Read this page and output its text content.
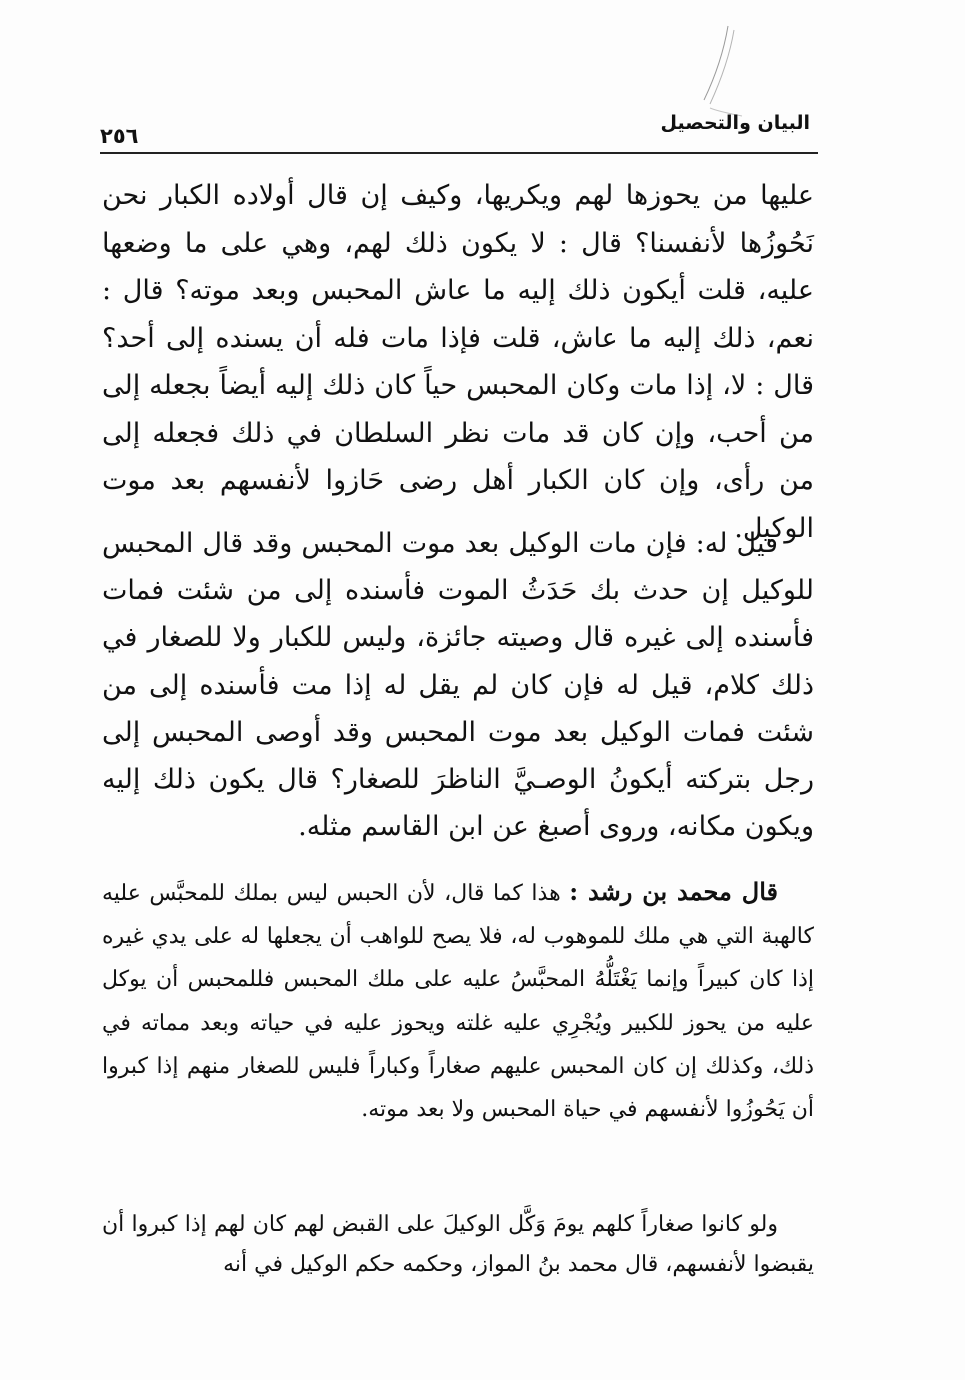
٢٥٦
البيان والتحصيل

عليها من يحوزها لهم ويكريها، وكيف إن قال أولاده الكبار نحن نَحُوزُها لأنفسنا؟ قال : لا يكون ذلك لهم، وهي على ما وضعها عليه، قلت أيكون ذلك إليه ما عاش المحبس وبعد موته؟ قال : نعم، ذلك إليه ما عاش، قلت فإذا مات فله أن يسنده إلى أحد؟ قال : لا، إذا مات وكان المحبس حياً كان ذلك إليه أيضاً بجعله إلى من أحب، وإن كان قد مات نظر السلطان في ذلك فجعله إلى من رأى، وإن كان الكبار أهل رضى حَازوا لأنفسهم بعد موت الوكيل.

قيل له: فإن مات الوكيل بعد موت المحبس وقد قال المحبس للوكيل إن حدث بك حَدَثُ الموت فأسنده إلى من شئت فمات فأسنده إلى غيره قال وصيته جائزة، وليس للكبار ولا للصغار في ذلك كلام، قيل له فإن كان لم يقل له إذا مت فأسنده إلى من شئت فمات الوكيل بعد موت المحبس وقد أوصى المحبس إلى رجل بتركته أيكونُ الوصـيَّ الناظرَ للصغار؟ قال يكون ذلك إليه ويكون مكانه، وروى أصبغ عن ابن القاسم مثله.

قال محمد بن رشد : هذا كما قال، لأن الحبس ليس بملك للمحبَّس عليه كالهبة التي هي ملك للموهوب له، فلا يصح للواهب أن يجعلها له على يدي غيره إذا كان كبيراً وإنما يَغْتَلُّهُ المحبَّسُ عليه على ملك المحبس فللمحبس أن يوكل عليه من يحوز للكبير ويُجْرِي عليه غلته ويحوز عليه في حياته وبعد مماته في ذلك، وكذلك إن كان المحبس عليهم صغاراً وكباراً فليس للصغار منهم إذا كبروا أن يَحُوزُوا لأنفسهم في حياة المحبس ولا بعد موته.

ولو كانوا صغاراً كلهم يومَ وَكَّل الوكيلَ على القبض لهم كان لهم إذا كبروا أن يقبضوا لأنفسهم، قال محمد بنُ المواز، وحكمه حكم الوكيل في أنه
